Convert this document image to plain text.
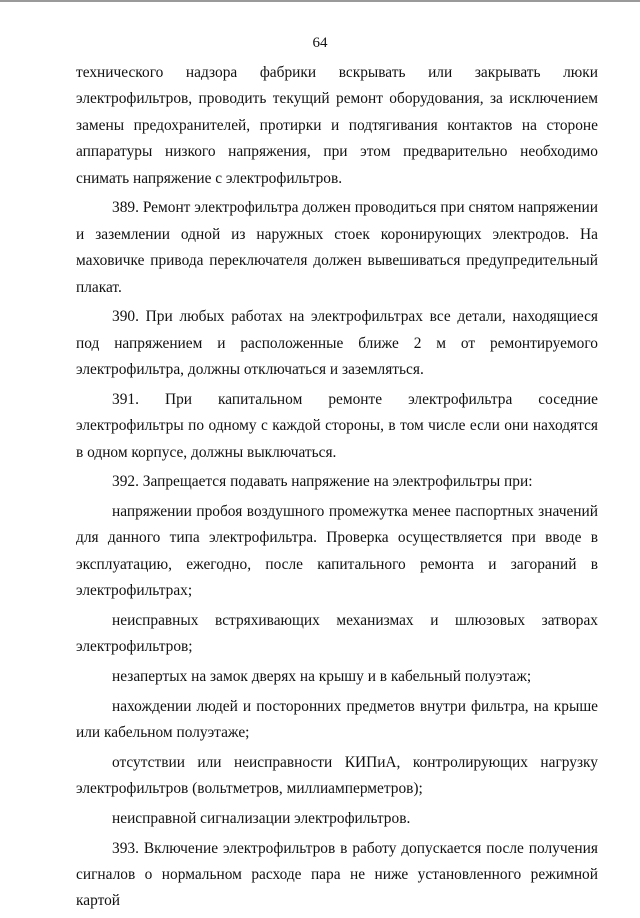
64

технического надзора фабрики вскрывать или закрывать люки электрофильтров, проводить текущий ремонт оборудования, за исключением замены предохранителей, протирки и подтягивания контактов на стороне аппаратуры низкого напряжения, при этом предварительно необходимо снимать напряжение с электрофильтров.

389. Ремонт электрофильтра должен проводиться при снятом напряжении и заземлении одной из наружных стоек коронирующих электродов. На маховичке привода переключателя должен вывешиваться предупредительный плакат.

390. При любых работах на электрофильтрах все детали, находящиеся под напряжением и расположенные ближе 2 м от ремонтируемого электрофильтра, должны отключаться и заземляться.

391. При капитальном ремонте электрофильтра соседние электрофильтры по одному с каждой стороны, в том числе если они находятся в одном корпусе, должны выключаться.

392. Запрещается подавать напряжение на электрофильтры при:

напряжении пробоя воздушного промежутка менее паспортных значений для данного типа электрофильтра. Проверка осуществляется при вводе в эксплуатацию, ежегодно, после капитального ремонта и загораний в электрофильтрах;

неисправных встряхивающих механизмах и шлюзовых затворах электрофильтров;

незапертых на замок дверях на крышу и в кабельный полуэтаж;

нахождении людей и посторонних предметов внутри фильтра, на крыше или кабельном полуэтаже;

отсутствии или неисправности КИПиА, контролирующих нагрузку электрофильтров (вольтметров, миллиамперметров);

неисправной сигнализации электрофильтров.

393. Включение электрофильтров в работу допускается после получения сигналов о нормальном расходе пара не ниже установленного режимной картой
